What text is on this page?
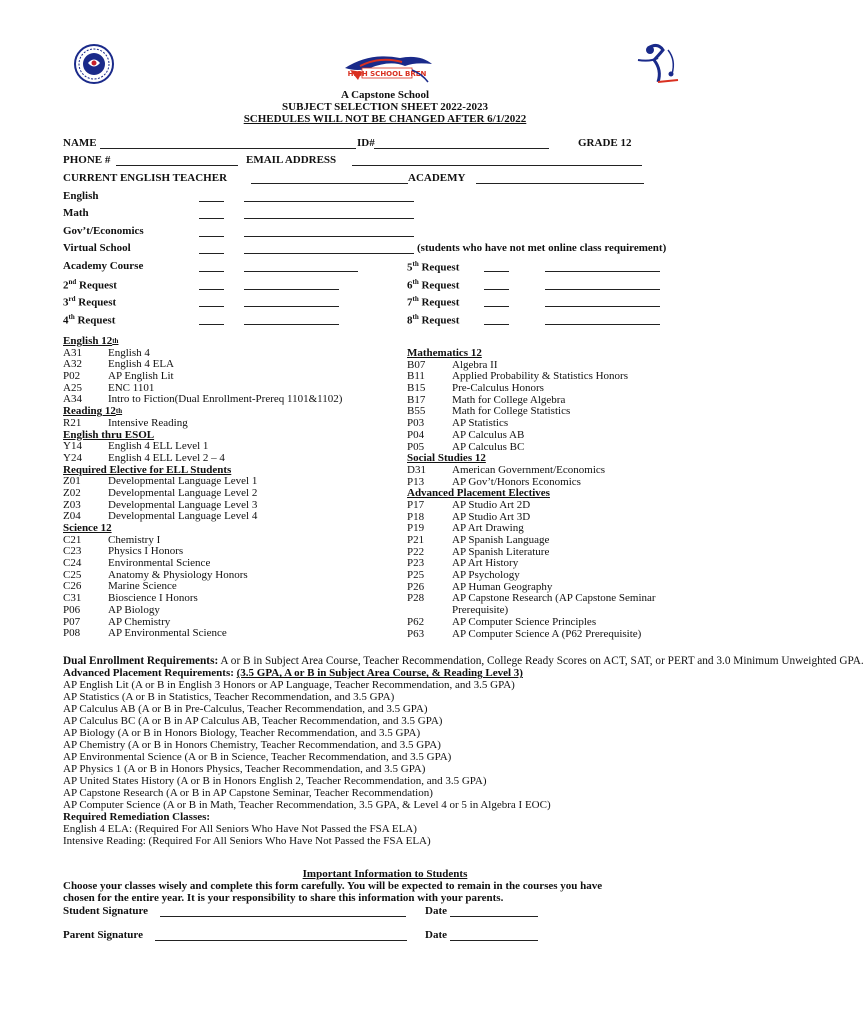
HIGH SCHOOL BREN
A Capstone School
SUBJECT SELECTION SHEET 2022-2023
SCHEDULES WILL NOT BE CHANGED AFTER 6/1/2022
NAME	ID#	GRADE 12
PHONE #	EMAIL ADDRESS
CURRENT ENGLISH TEACHER	ACADEMY
English
Math
Gov’t/Economics
Virtual School	(students who have not met online class requirement)
Academy Course
2nd Request
3rd Request
4th Request
5th Request
6th Request
7th Request
8th Request
English 12 th
A31	English 4
A32	English 4 ELA
P02	AP English Lit
A25	ENC 1101
A34	Intro to Fiction(Dual Enrollment-Prereq 1101&1102)
Reading 12 th
R21	Intensive Reading
English thru ESOL
Y14	English 4 ELL Level 1
Y24	English 4 ELL Level 2 – 4
Required Elective for ELL Students
Z01	Developmental Language Level 1
Z02	Developmental Language Level 2
Z03	Developmental Language Level 3
Z04	Developmental Language Level 4
Science 12
C21	Chemistry I
C23	Physics I Honors
C24	Environmental Science
C25	Anatomy & Physiology Honors
C26	Marine Science
C31	Bioscience I Honors
P06	AP Biology
P07	AP Chemistry
P08	AP Environmental Science
Mathematics 12
B07	Algebra II
B11	Applied Probability & Statistics Honors
B15	Pre-Calculus Honors
B17	Math for College Algebra
B55	Math for College Statistics
P03	AP Statistics
P04	AP Calculus AB
P05	AP Calculus BC
Social Studies 12
D31	American Government/Economics
P13	AP Gov’t/Honors Economics
Advanced Placement Electives
P17	AP Studio Art 2D
P18	AP Studio Art 3D
P19	AP Art Drawing
P21	AP Spanish Language
P22	AP Spanish Literature
P23	AP Art History
P25	AP Psychology
P26	AP Human Geography
P28	AP Capstone Research (AP Capstone Seminar
Prerequisite)
P62	AP Computer Science Principles
P63	AP Computer Science A (P62 Prerequisite)
Dual Enrollment Requirements: A or B in Subject Area Course, Teacher Recommendation, College Ready Scores on ACT, SAT, or PERT and 3.0 Minimum Unweighted GPA.
Advanced Placement Requirements: (3.5 GPA, A or B in Subject Area Course, & Reading Level 3)
AP English Lit (A or B in English 3 Honors or AP Language, Teacher Recommendation, and 3.5 GPA)
AP Statistics (A or B in Statistics, Teacher Recommendation, and 3.5 GPA)
AP Calculus AB (A or B in Pre-Calculus, Teacher Recommendation, and 3.5 GPA)
AP Calculus BC (A or B in AP Calculus AB, Teacher Recommendation, and 3.5 GPA)
AP Biology (A or B in Honors Biology, Teacher Recommendation, and 3.5 GPA)
AP Chemistry (A or B in Honors Chemistry, Teacher Recommendation, and 3.5 GPA)
AP Environmental Science (A or B in Science, Teacher Recommendation, and 3.5 GPA)
AP Physics 1 (A or B in Honors Physics, Teacher Recommendation, and 3.5 GPA)
AP United States History (A or B in Honors English 2, Teacher Recommendation, and 3.5 GPA)
AP Capstone Research (A or B in AP Capstone Seminar, Teacher Recommendation)
AP Computer Science (A or B in Math, Teacher Recommendation, 3.5 GPA, & Level 4 or 5 in Algebra I EOC)
Required Remediation Classes:
English 4 ELA: (Required For All Seniors Who Have Not Passed the FSA ELA)
Intensive Reading: (Required For All Seniors Who Have Not Passed the FSA ELA)
Important Information to Students
Choose your classes wisely and complete this form carefully. You will be expected to remain in the courses you have
chosen for the entire year. It is your responsibility to share this information with your parents.
Student Signature	Date
Parent Signature	Date
